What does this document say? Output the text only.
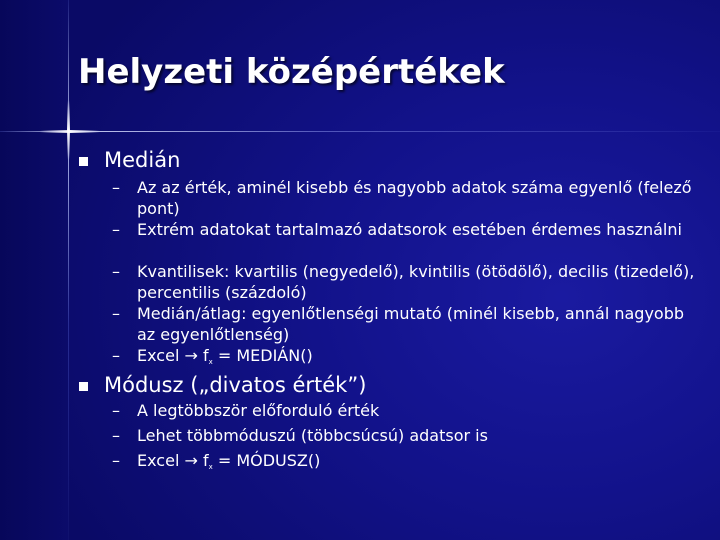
Helyzeti középértékek
Medián
–	Az az érték, aminél kisebb és nagyobb adatok száma egyenlő (felező pont)
–	Extrém adatokat tartalmazó adatsorok esetében érdemes használni
–	Kvantilisek: kvartilis (negyedelő), kvintilis (ötödölő), decilis (tizedelő), percentilis (százdoló)
–	Medián/átlag: egyenlőtlenségi mutató (minél kisebb, annál nagyobb az egyenlőtlenség)
–	Excel → $f_x$ = MEDIÁN()
Módusz („divatos érték”)
–	A legtöbbször előforduló érték
–	Lehet többmóduszú (többcsúcsú) adatsor is
–	Excel → $f_x$ = MÓDUSZ()
